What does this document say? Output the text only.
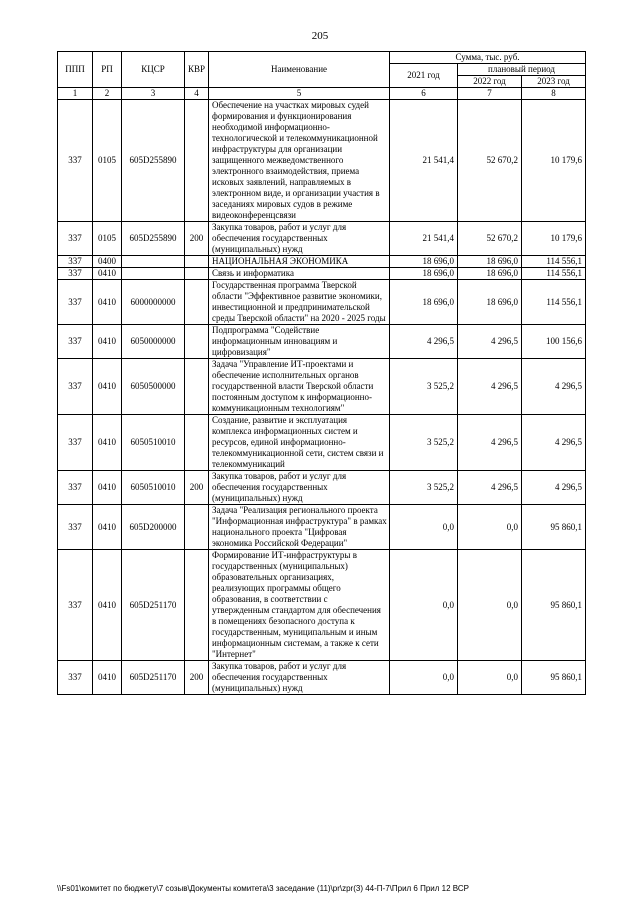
205
ППП	РП	КЦСР	КВР	Наименование	Сумма, тыс. руб.		
					2021 год	плановый период	
						2022 год	2023 год
1	2	3	4	5	6	7	8
337	0105	605D255890		Обеспечение на участках мировых судей формирования и функционирования необходимой информационно-технологической и телекоммуникационной инфраструктуры для организации защищенного межведомственного электронного взаимодействия, приема исковых заявлений, направляемых в электронном виде, и организации участия в заседаниях мировых судов в режиме видеоконференцсвязи	21 541,4	52 670,2	10 179,6
337	0105	605D255890	200	Закупка товаров, работ и услуг для обеспечения государственных (муниципальных) нужд	21 541,4	52 670,2	10 179,6
337	0400			НАЦИОНАЛЬНАЯ ЭКОНОМИКА	18 696,0	18 696,0	114 556,1
337	0410			Связь и информатика	18 696,0	18 696,0	114 556,1
337	0410	6000000000		Государственная программа Тверской области "Эффективное развитие экономики, инвестиционной и предпринимательской среды Тверской области" на 2020 - 2025 годы	18 696,0	18 696,0	114 556,1
337	0410	6050000000		Подпрограмма "Содействие информационным инновациям и цифровизация"	4 296,5	4 296,5	100 156,6
337	0410	6050500000		Задача "Управление ИТ-проектами и обеспечение исполнительных органов государственной власти Тверской области постоянным доступом к информационно-коммуникационным технологиям"	3 525,2	4 296,5	4 296,5
337	0410	6050510010		Создание, развитие и эксплуатация комплекса информационных систем и ресурсов, единой информационно-телекоммуникационной сети, систем связи и телекоммуникаций	3 525,2	4 296,5	4 296,5
337	0410	6050510010	200	Закупка товаров, работ и услуг для обеспечения государственных (муниципальных) нужд	3 525,2	4 296,5	4 296,5
337	0410	605D200000		Задача "Реализация регионального проекта "Информационная инфраструктура" в рамках национального проекта "Цифровая экономика Российской Федерации"	0,0	0,0	95 860,1
337	0410	605D251170		Формирование ИТ-инфраструктуры в государственных (муниципальных) образовательных организациях, реализующих программы общего образования, в соответствии с утвержденным стандартом для обеспечения в помещениях безопасного доступа к государственным, муниципальным и иным информационным системам, а также к сети "Интернет"	0,0	0,0	95 860,1
337	0410	605D251170	200	Закупка товаров, работ и услуг для обеспечения государственных (муниципальных) нужд	0,0	0,0	95 860,1
\\Fs01\комитет по бюджету\7 созыв\Документы комитета\3 заседание (11)\pr\zpr(3) 44-П-7\Прил 6 Прил 12 ВСР
